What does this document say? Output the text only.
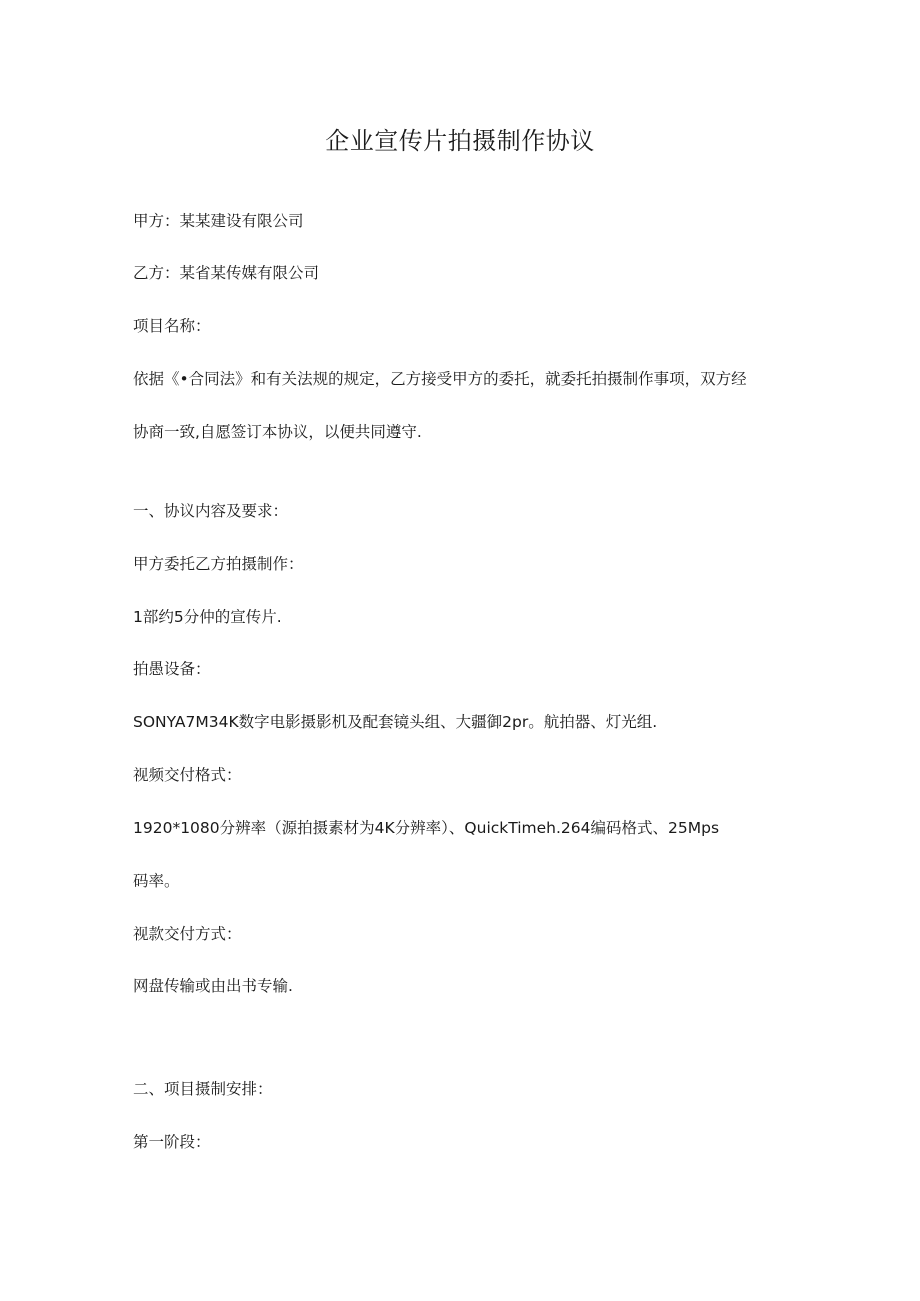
企业宣传片拍摄制作协议
甲方：某某建设有限公司
乙方：某省某传媒有限公司
项目名称：
依据《•合同法》和有关法规的规定，乙方接受甲方的委托，就委托拍摄制作事项，双方经
协商一致,自愿签订本协议，以便共同遵守.
一、协议内容及要求：
甲方委托乙方拍摄制作：
1部约5分仲的宣传片.
拍愚设备：
SONYA7M34K数字电影摄影机及配套镜头组、大疆御2pr。航拍器、灯光组.
视频交付格式：
1920*1080分辨率（源拍摄素材为4K分辨率）、QuickTimeh.264编码格式、25Mps
码率。
视款交付方式：
网盘传输或由出书专输.
二、项目摄制安排：
第一阶段：
